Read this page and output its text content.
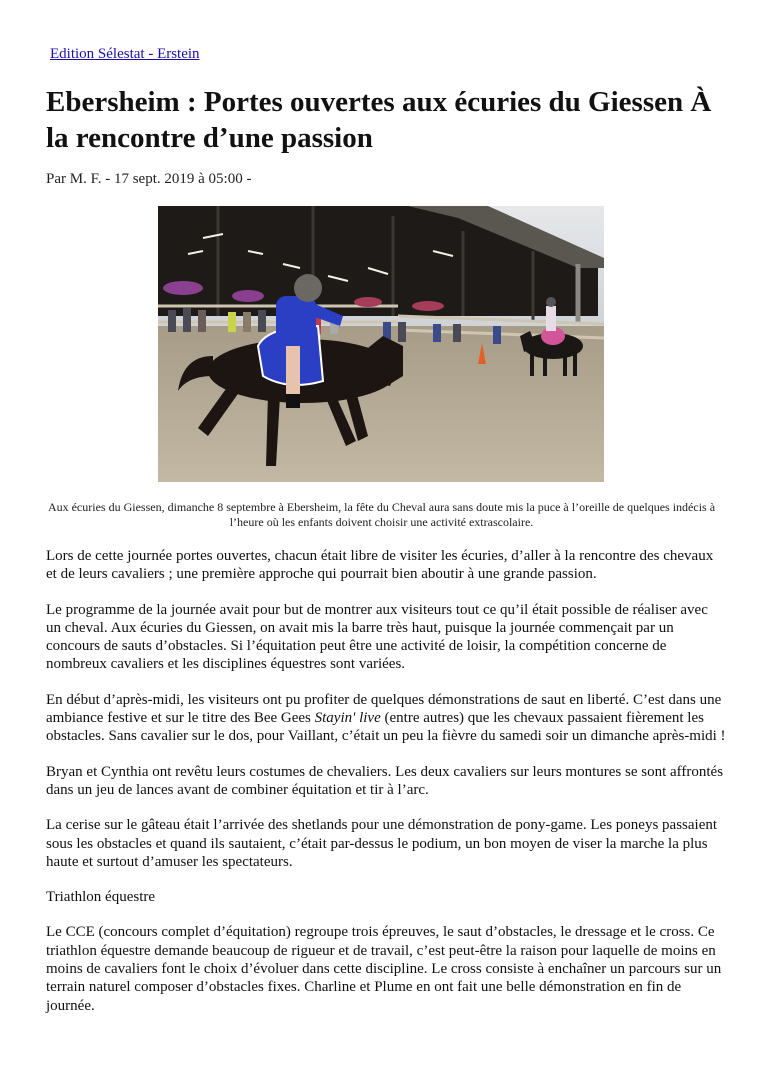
Edition Sélestat - Erstein
Ebersheim : Portes ouvertes aux écuries du Giessen À la rencontre d’une passion
Par M. F. - 17 sept. 2019 à 05:00 -
Aux écuries du Giessen, dimanche 8 septembre à Ebersheim, la fête du Cheval aura sans doute mis la puce à l’oreille de quelques indécis à l’heure où les enfants doivent choisir une activité extrascolaire.

Lors de cette journée portes ouvertes, chacun était libre de visiter les écuries, d’aller à la rencontre des chevaux et de leurs cavaliers ; une première approche qui pourrait bien aboutir à une grande passion.

Le programme de la journée avait pour but de montrer aux visiteurs tout ce qu’il était possible de réaliser avec un cheval. Aux écuries du Giessen, on avait mis la barre très haut, puisque la journée commençait par un concours de sauts d’obstacles. Si l’équitation peut être une activité de loisir, la compétition concerne de nombreux cavaliers et les disciplines équestres sont variées.

En début d’après-midi, les visiteurs ont pu profiter de quelques démonstrations de saut en liberté. C’est dans une ambiance festive et sur le titre des Bee Gees Stayin' live (entre autres) que les chevaux passaient fièrement les obstacles. Sans cavalier sur le dos, pour Vaillant, c’était un peu la fièvre du samedi soir un dimanche après-midi !

Bryan et Cynthia ont revêtu leurs costumes de chevaliers. Les deux cavaliers sur leurs montures se sont affrontés dans un jeu de lances avant de combiner équitation et tir à l’arc.

La cerise sur le gâteau était l’arrivée des shetlands pour une démonstration de pony-game. Les poneys passaient sous les obstacles et quand ils sautaient, c’était par-dessus le podium, un bon moyen de viser la marche la plus haute et surtout d’amuser les spectateurs.

Triathlon équestre

Le CCE (concours complet d’équitation) regroupe trois épreuves, le saut d’obstacles, le dressage et le cross. Ce triathlon équestre demande beaucoup de rigueur et de travail, c’est peut-être la raison pour laquelle de moins en moins de cavaliers font le choix d’évoluer dans cette discipline. Le cross consiste à enchaîner un parcours sur un terrain naturel composer d’obstacles fixes. Charline et Plume en ont fait une belle démonstration en fin de journée.
